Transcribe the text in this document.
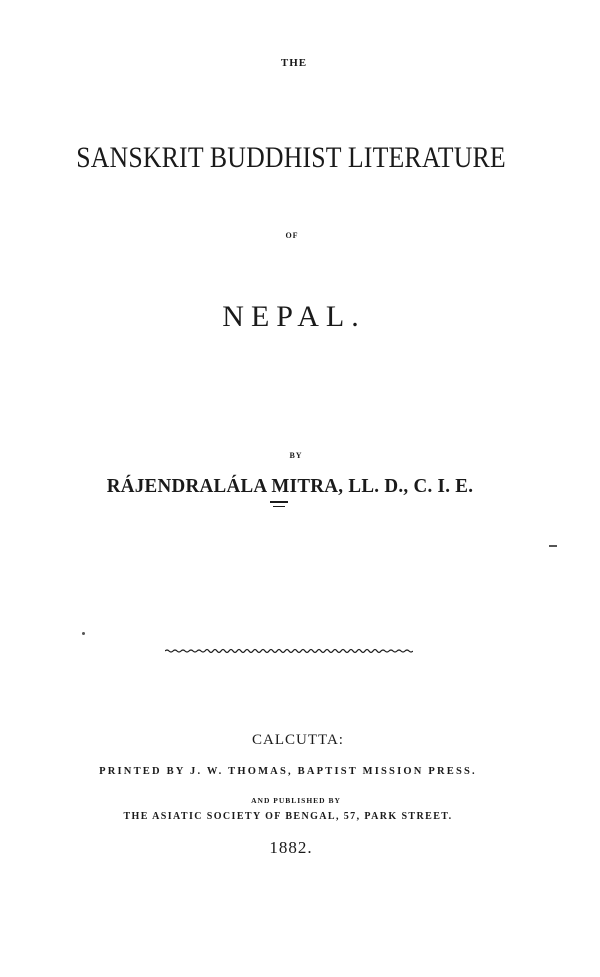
THE
SANSKRIT BUDDHIST LITERATURE
OF
NEPAL.
BY
RÁJENDRALÁLA MITRA, LL. D., C. I. E.
CALCUTTA:
PRINTED BY J. W. THOMAS, BAPTIST MISSION PRESS.
AND PUBLISHED BY
THE ASIATIC SOCIETY OF BENGAL, 57, PARK STREET.
1882.
